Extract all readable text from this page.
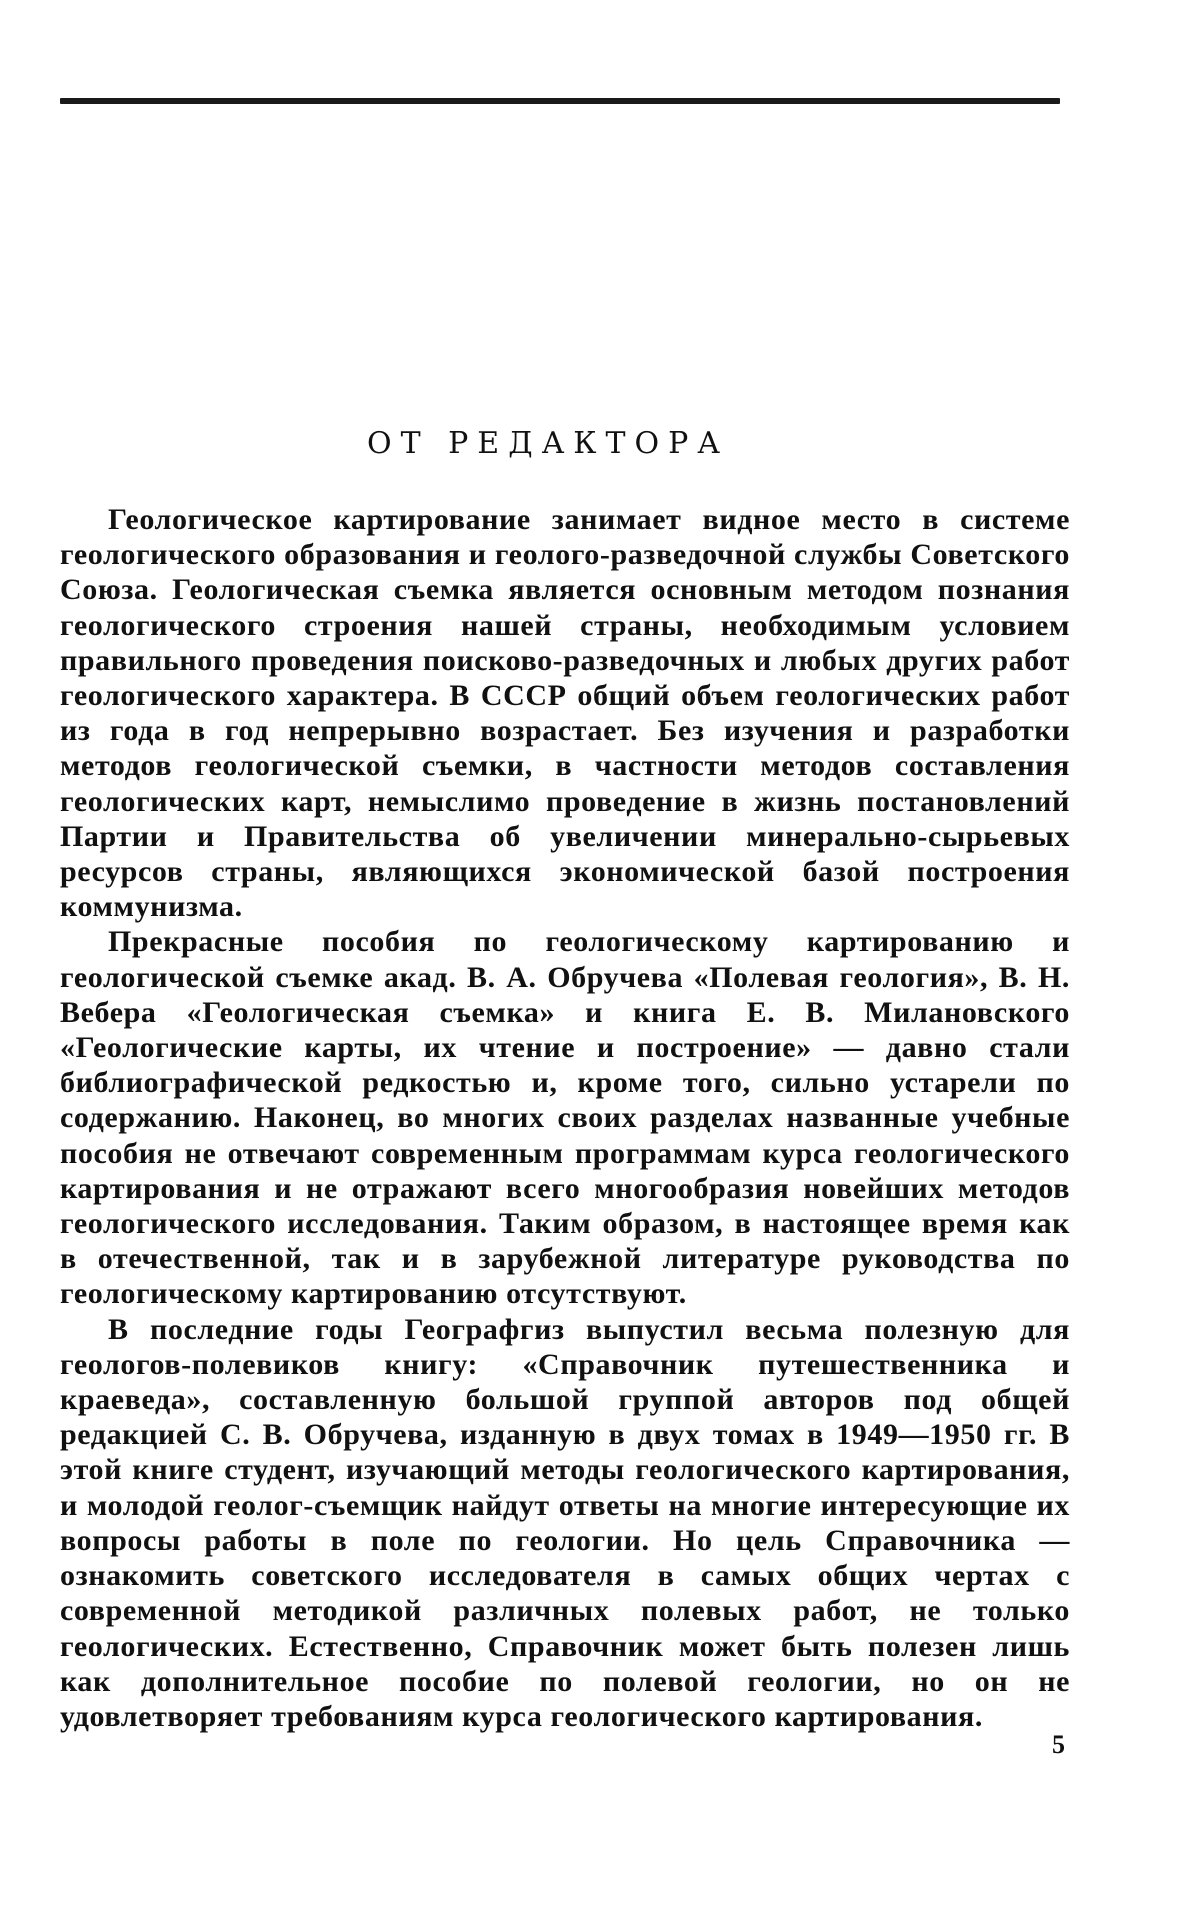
ОТ РЕДАКТОРА

Геологическое картирование занимает видное место в системе геологического образования и геолого-разведочной службы Советского Союза. Геологическая съемка является основным методом познания геологического строения нашей страны, необходимым условием правильного проведения поисково-разведочных и любых других работ геологического характера. В СССР общий объем геологических работ из года в год непрерывно возрастает. Без изучения и разработки методов геологической съемки, в частности методов составления геологических карт, немыслимо проведение в жизнь постановлений Партии и Правительства об увеличении минерально-сырьевых ресурсов страны, являющихся экономической базой построения коммунизма.

Прекрасные пособия по геологическому картированию и геологической съемке акад. В. А. Обручева «Полевая геология», В. Н. Вебера «Геологическая съемка» и книга Е. В. Милановского «Геологические карты, их чтение и построение» — давно стали библиографической редкостью и, кроме того, сильно устарели по содержанию. Наконец, во многих своих разделах названные учебные пособия не отвечают современным программам курса геологического картирования и не отражают всего многообразия новейших методов геологического исследования. Таким образом, в настоящее время как в отечественной, так и в зарубежной литературе руководства по геологическому картированию отсутствуют.

В последние годы Географгиз выпустил весьма полезную для геологов-полевиков книгу: «Справочник путешественника и краеведа», составленную большой группой авторов под общей редакцией С. В. Обручева, изданную в двух томах в 1949—1950 гг. В этой книге студент, изучающий методы геологического картирования, и молодой геолог-съемщик найдут ответы на многие интересующие их вопросы работы в поле по геологии. Но цель Справочника — ознакомить советского исследователя в самых общих чертах с современной методикой различных полевых работ, не только геологических. Естественно, Справочник может быть полезен лишь как дополнительное пособие по полевой геологии, но он не удовлетворяет требованиям курса геологического картирования.

5
